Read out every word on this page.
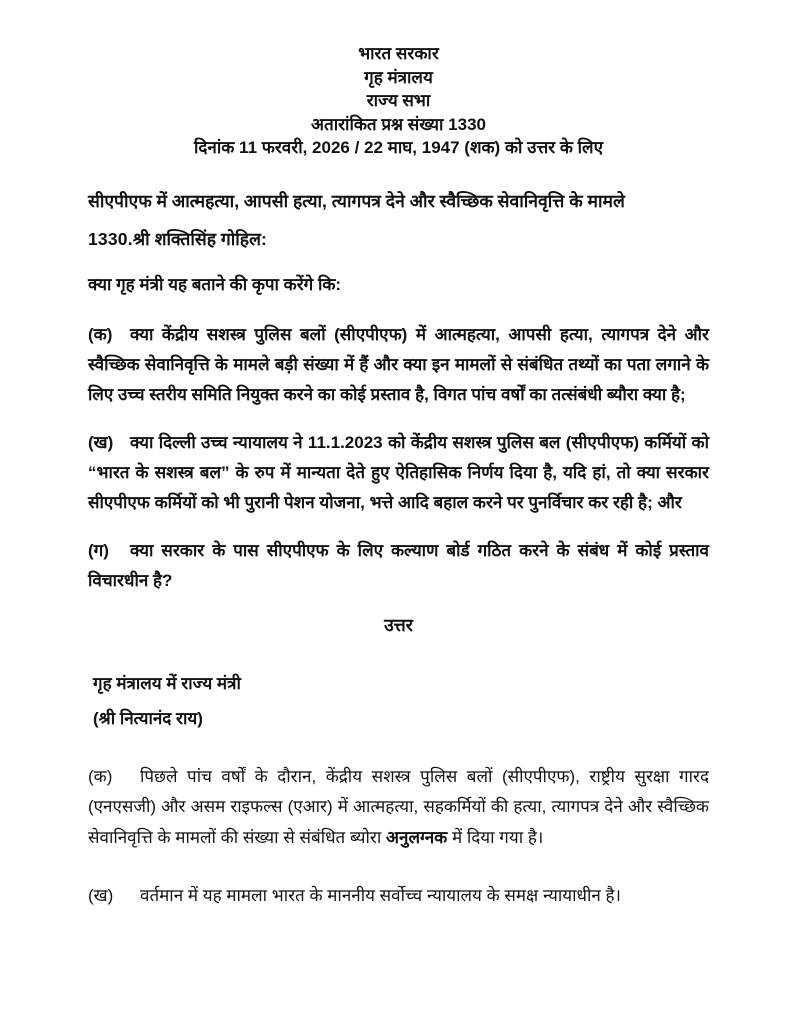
भारत सरकार
गृह मंत्रालय
राज्य सभा
अतारांकित प्रश्न संख्या 1330
दिनांक 11 फरवरी, 2026 / 22 माघ, 1947 (शक) को उत्तर के लिए
सीएपीएफ में आत्महत्या, आपसी हत्या, त्यागपत्र देने और स्वैच्छिक सेवानिवृत्ति के मामले
1330.श्री शक्तिसिंह गोहिल:
क्या गृह मंत्री यह बताने की कृपा करेंगे कि:

(क) क्या केंद्रीय सशस्त्र पुलिस बलों (सीएपीएफ) में आत्महत्या, आपसी हत्या, त्यागपत्र देने और स्वैच्छिक सेवानिवृत्ति के मामले बड़ी संख्या में हैं और क्या इन मामलों से संबंधित तथ्यों का पता लगाने के लिए उच्च स्तरीय समिति नियुक्त करने का कोई प्रस्ताव है, विगत पांच वर्षों का तत्संबंधी ब्यौरा क्या है;

(ख) क्या दिल्ली उच्च न्यायालय ने 11.1.2023 को केंद्रीय सशस्त्र पुलिस बल (सीएपीएफ) कर्मियों को “भारत के सशस्त्र बल” के रुप में मान्यता देते हुए ऐतिहासिक निर्णय दिया है, यदि हां, तो क्या सरकार सीएपीएफ कर्मियों को भी पुरानी पेशन योजना, भत्ते आदि बहाल करने पर पुनर्विचार कर रही है; और

(ग) क्या सरकार के पास सीएपीएफ के लिए कल्याण बोर्ड गठित करने के संबंध में कोई प्रस्ताव विचारधीन है?

उत्तर
गृह मंत्रालय में राज्य मंत्री
(श्री नित्यानंद राय)

(क) पिछले पांच वर्षों के दौरान, केंद्रीय सशस्त्र पुलिस बलों (सीएपीएफ), राष्ट्रीय सुरक्षा गारद (एनएसजी) और असम राइफल्स (एआर) में आत्महत्या, सहकर्मियों की हत्या, त्यागपत्र देने और स्वैच्छिक सेवानिवृत्ति के मामलों की संख्या से संबंधित ब्योरा अनुलग्नक में दिया गया है।

(ख) वर्तमान में यह मामला भारत के माननीय सर्वोच्च न्यायालय के समक्ष न्यायाधीन है।
